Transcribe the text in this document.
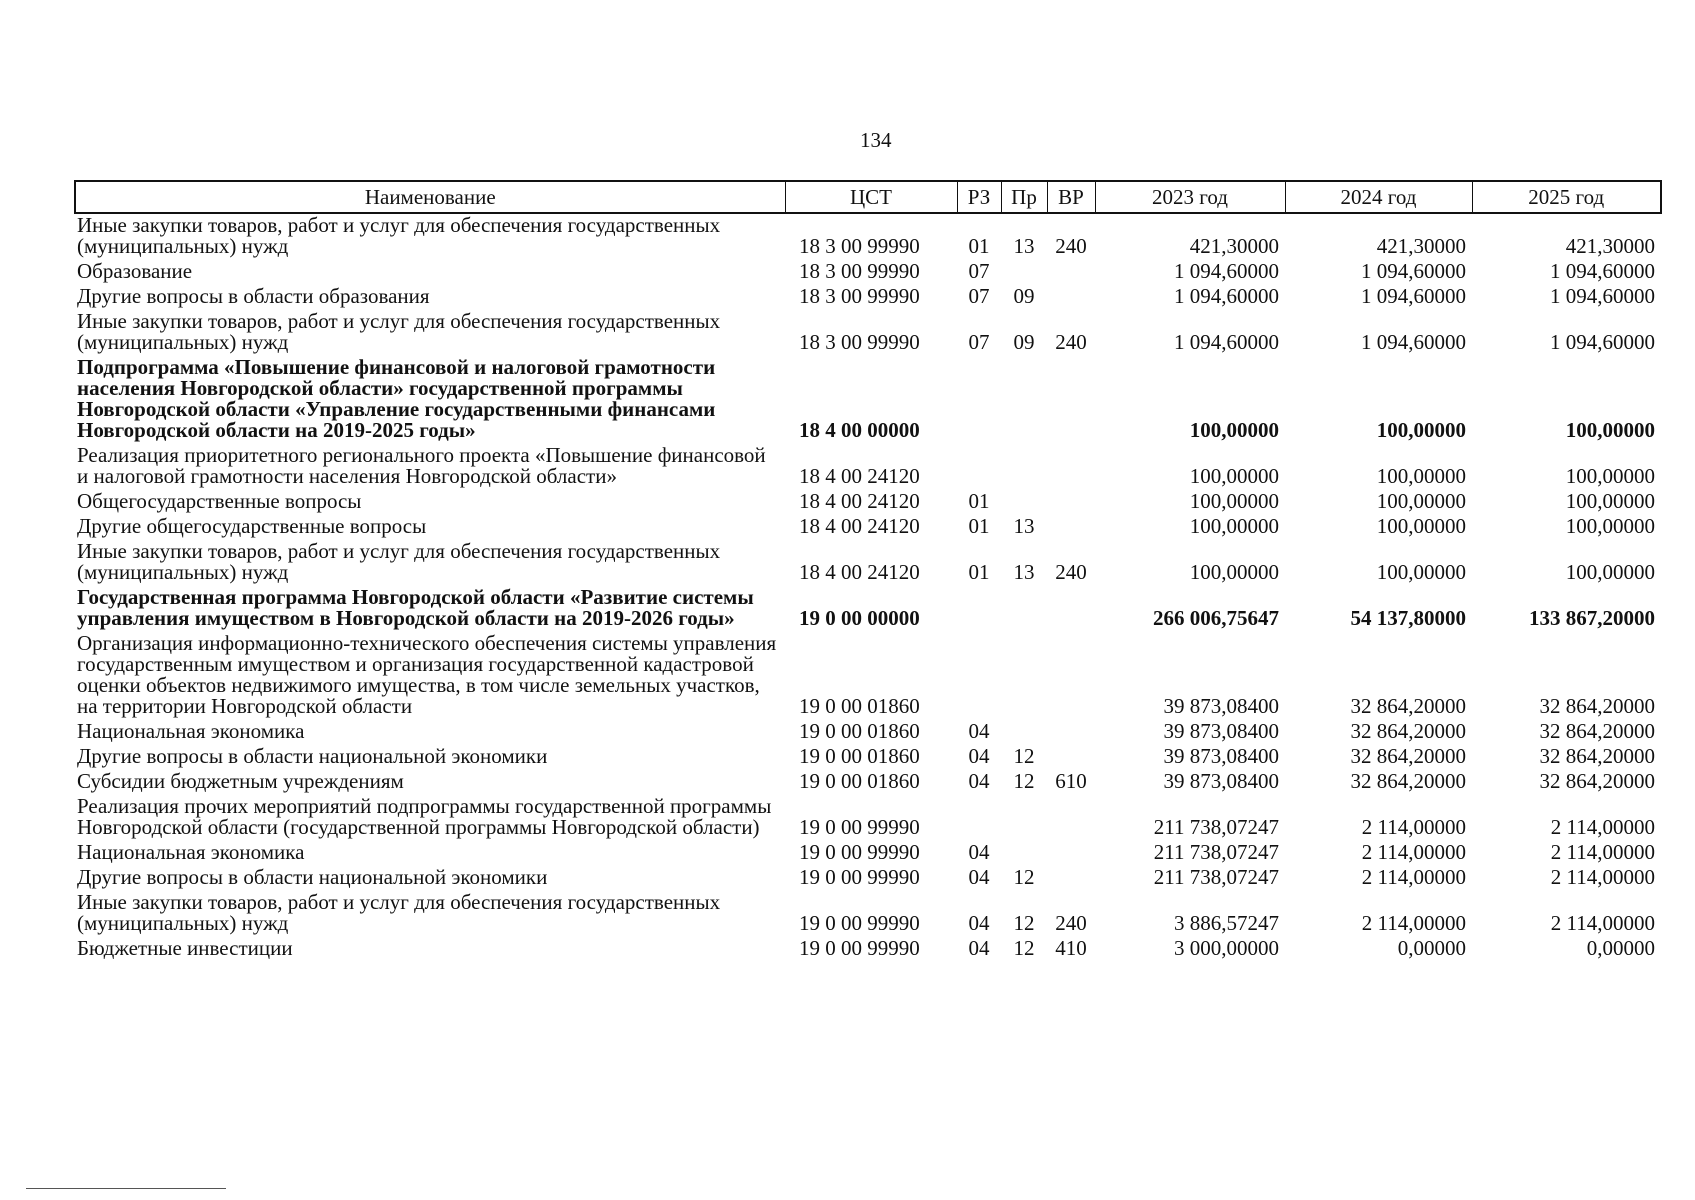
134
Наименование	ЦСТ	РЗ	Пр	ВР	2023 год	2024 год	2025 год
Иные закупки товаров, работ и услуг для обеспечения государственных (муниципальных) нужд	18 3 00 99990	01	13	240	421,30000	421,30000	421,30000
Образование	18 3 00 99990	07			1 094,60000	1 094,60000	1 094,60000
Другие вопросы в области образования	18 3 00 99990	07	09		1 094,60000	1 094,60000	1 094,60000
Иные закупки товаров, работ и услуг для обеспечения государственных (муниципальных) нужд	18 3 00 99990	07	09	240	1 094,60000	1 094,60000	1 094,60000
Подпрограмма «Повышение финансовой и налоговой грамотности населения Новгородской области» государственной программы Новгородской области «Управление государственными финансами Новгородской области на 2019-2025 годы»	18 4 00 00000				100,00000	100,00000	100,00000
Реализация приоритетного регионального проекта «Повышение финансовой и налоговой грамотности населения Новгородской области»	18 4 00 24120				100,00000	100,00000	100,00000
Общегосударственные вопросы	18 4 00 24120	01			100,00000	100,00000	100,00000
Другие общегосударственные вопросы	18 4 00 24120	01	13		100,00000	100,00000	100,00000
Иные закупки товаров, работ и услуг для обеспечения государственных (муниципальных) нужд	18 4 00 24120	01	13	240	100,00000	100,00000	100,00000
Государственная программа Новгородской области «Развитие системы управления имуществом в Новгородской области на 2019-2026 годы»	19 0 00 00000				266 006,75647	54 137,80000	133 867,20000
Организация информационно-технического обеспечения системы управления государственным имуществом и организация государственной кадастровой оценки объектов недвижимого имущества, в том числе земельных участков, на территории Новгородской области	19 0 00 01860				39 873,08400	32 864,20000	32 864,20000
Национальная экономика	19 0 00 01860	04			39 873,08400	32 864,20000	32 864,20000
Другие вопросы в области национальной экономики	19 0 00 01860	04	12		39 873,08400	32 864,20000	32 864,20000
Субсидии бюджетным учреждениям	19 0 00 01860	04	12	610	39 873,08400	32 864,20000	32 864,20000
Реализация прочих мероприятий подпрограммы государственной программы Новгородской области (государственной программы Новгородской области)	19 0 00 99990				211 738,07247	2 114,00000	2 114,00000
Национальная экономика	19 0 00 99990	04			211 738,07247	2 114,00000	2 114,00000
Другие вопросы в области национальной экономики	19 0 00 99990	04	12		211 738,07247	2 114,00000	2 114,00000
Иные закупки товаров, работ и услуг для обеспечения государственных (муниципальных) нужд	19 0 00 99990	04	12	240	3 886,57247	2 114,00000	2 114,00000
Бюджетные инвестиции	19 0 00 99990	04	12	410	3 000,00000	0,00000	0,00000
